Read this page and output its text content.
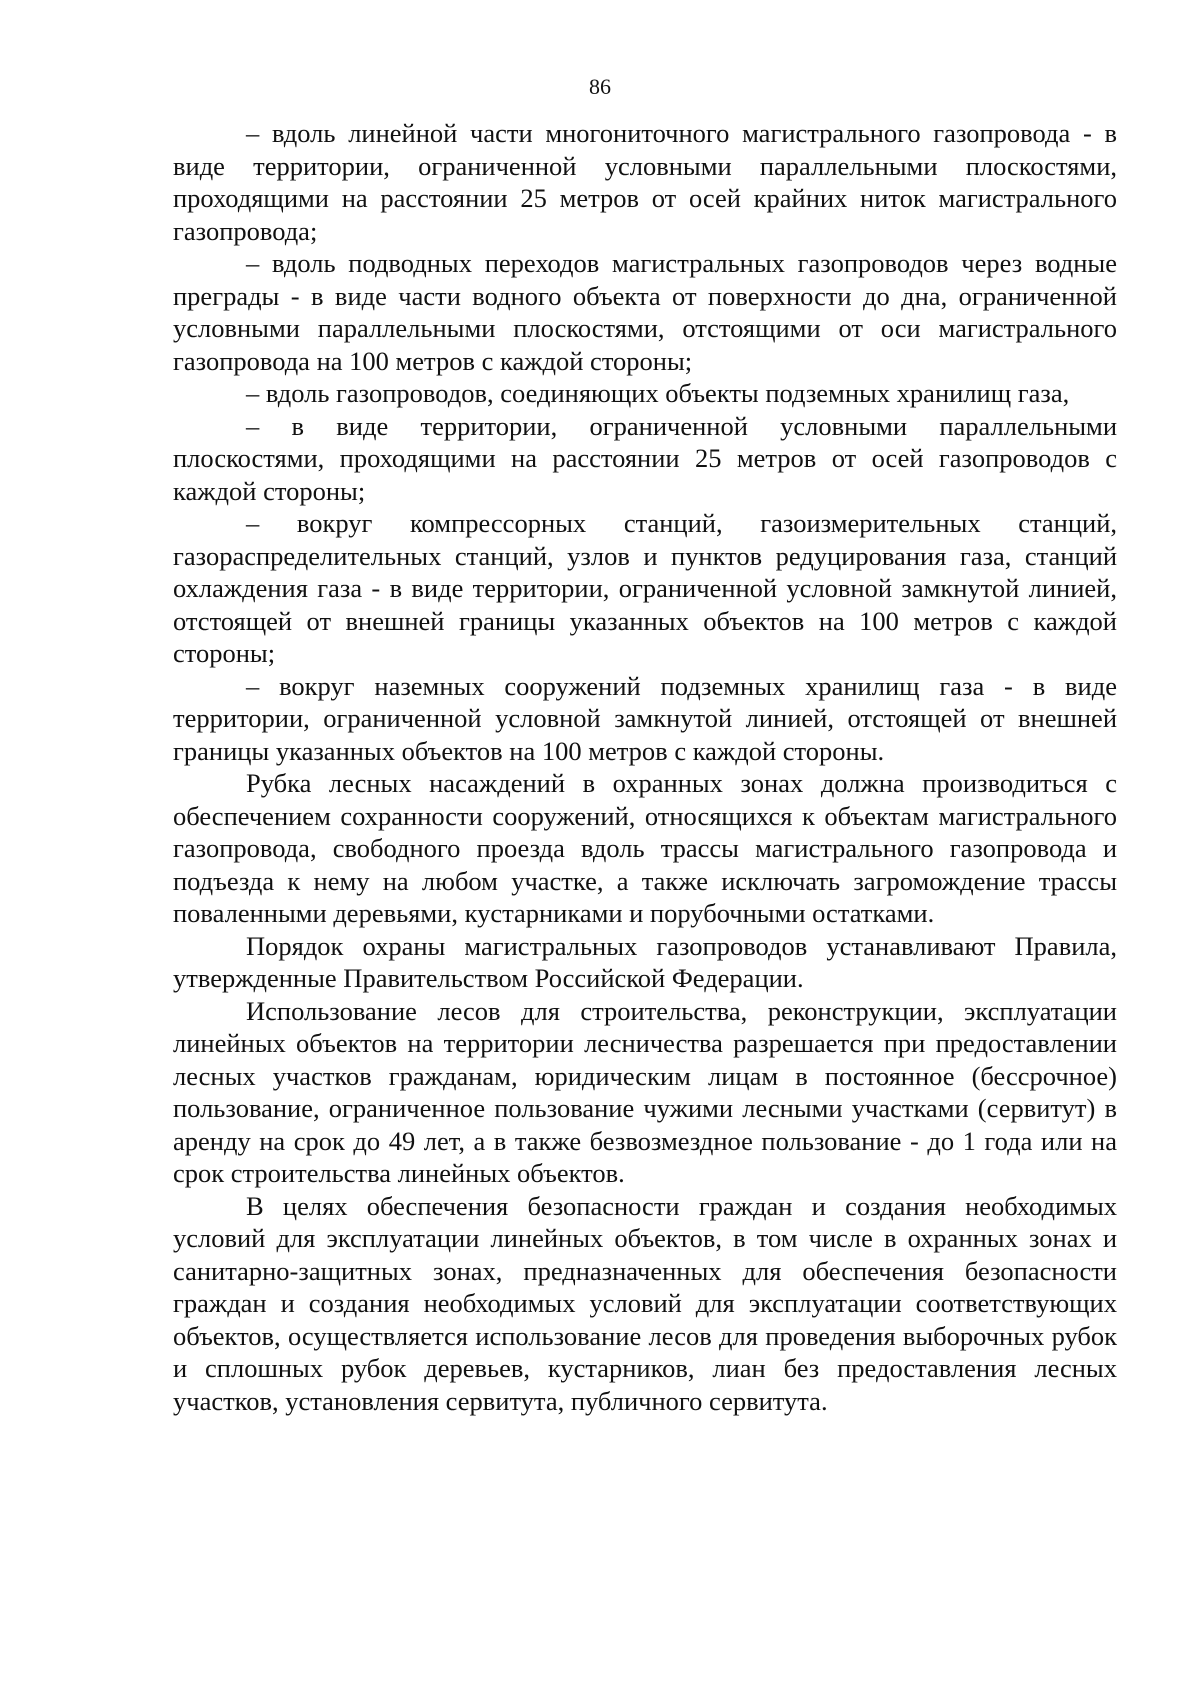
86

– вдоль линейной части многониточного магистрального газопровода - в виде территории, ограниченной условными параллельными плоскостями, проходящими на расстоянии 25 метров от осей крайних ниток магистрального газопровода;

– вдоль подводных переходов магистральных газопроводов через водные преграды - в виде части водного объекта от поверхности до дна, ограниченной условными параллельными плоскостями, отстоящими от оси магистрального газопровода на 100 метров с каждой стороны;

– вдоль газопроводов, соединяющих объекты подземных хранилищ газа,

– в виде территории, ограниченной условными параллельными плоскостями, проходящими на расстоянии 25 метров от осей газопроводов с каждой стороны;

– вокруг компрессорных станций, газоизмерительных станций, газораспределительных станций, узлов и пунктов редуцирования газа, станций охлаждения газа - в виде территории, ограниченной условной замкнутой линией, отстоящей от внешней границы указанных объектов на 100 метров с каждой стороны;

– вокруг наземных сооружений подземных хранилищ газа - в виде территории, ограниченной условной замкнутой линией, отстоящей от внешней границы указанных объектов на 100 метров с каждой стороны.

Рубка лесных насаждений в охранных зонах должна производиться с обеспечением сохранности сооружений, относящихся к объектам магистрального газопровода, свободного проезда вдоль трассы магистрального газопровода и подъезда к нему на любом участке, а также исключать загромождение трассы поваленными деревьями, кустарниками и порубочными остатками.

Порядок охраны магистральных газопроводов устанавливают Правила, утвержденные Правительством Российской Федерации.

Использование лесов для строительства, реконструкции, эксплуатации линейных объектов на территории лесничества разрешается при предоставлении лесных участков гражданам, юридическим лицам в постоянное (бессрочное) пользование, ограниченное пользование чужими лесными участками (сервитут) в аренду на срок до 49 лет, а в также безвозмездное пользование - до 1 года или на срок строительства линейных объектов.

В целях обеспечения безопасности граждан и создания необходимых условий для эксплуатации линейных объектов, в том числе в охранных зонах и санитарно-защитных зонах, предназначенных для обеспечения безопасности граждан и создания необходимых условий для эксплуатации соответствующих объектов, осуществляется использование лесов для проведения выборочных рубок и сплошных рубок деревьев, кустарников, лиан без предоставления лесных участков, установления сервитута, публичного сервитута.
